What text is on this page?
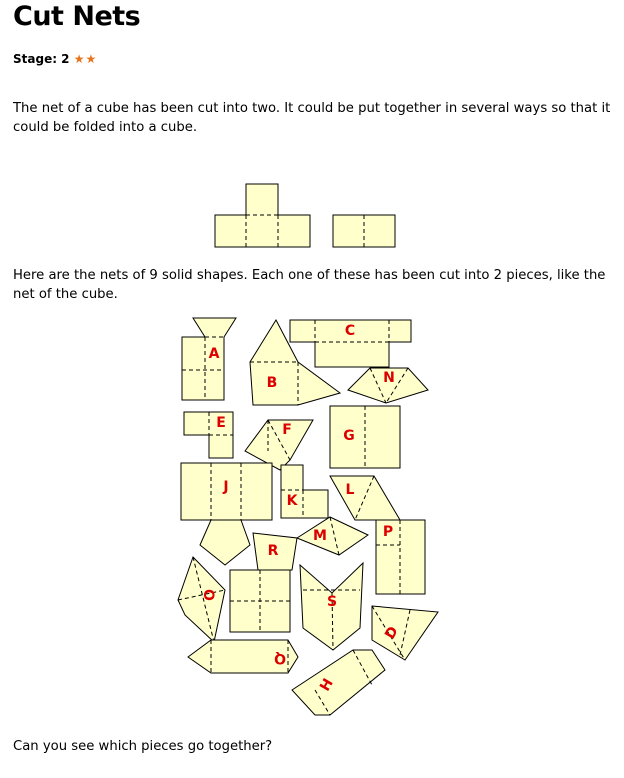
Cut Nets
Stage: 2 ★★

The net of a cube has been cut into two. It could be put together in several ways so that it could be folded into a cube.

Here are the nets of 9 solid shapes. Each one of these has been cut into 2 pieces, like the net of the cube.

Can you see which pieces go together?

A
B
C
N
E	F	G
J
K
L
M	P
R
O	S
D
Q
H
